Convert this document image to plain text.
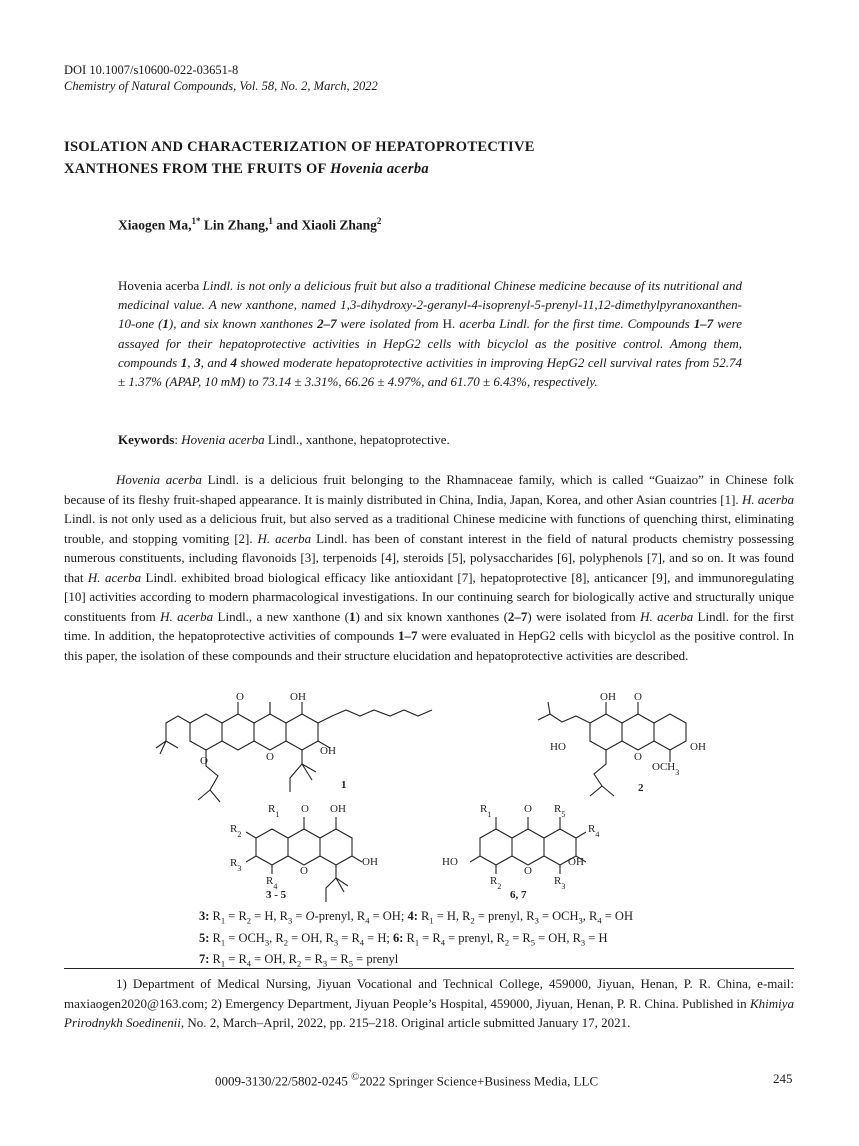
DOI 10.1007/s10600-022-03651-8
Chemistry of Natural Compounds, Vol. 58, No. 2, March, 2022
ISOLATION AND CHARACTERIZATION OF HEPATOPROTECTIVE
XANTHONES FROM THE FRUITS OF Hovenia acerba
Xiaogen Ma,$^{1*}$ Lin Zhang,$^1$ and Xiaoli Zhang$^2$
Hovenia acerba Lindl. is not only a delicious fruit but also a traditional Chinese medicine because of its nutritional and medicinal value. A new xanthone, named 1,3-dihydroxy-2-geranyl-4-isoprenyl-5-prenyl-11,12-dimethylpyranoxanthen-10-one (1), and six known xanthones 2–7 were isolated from H. acerba Lindl. for the first time. Compounds 1–7 were assayed for their hepatoprotective activities in HepG2 cells with bicyclol as the positive control. Among them, compounds 1, 3, and 4 showed moderate hepatoprotective activities in improving HepG2 cell survival rates from 52.74 ± 1.37% (APAP, 10 mM) to 73.14 ± 3.31%, 66.26 ± 4.97%, and 61.70 ± 6.43%, respectively.
Keywords: Hovenia acerba Lindl., xanthone, hepatoprotective.

Hovenia acerba Lindl. is a delicious fruit belonging to the Rhamnaceae family, which is called “Guaizao” in Chinese folk because of its fleshy fruit-shaped appearance. It is mainly distributed in China, India, Japan, Korea, and other Asian countries [1]. H. acerba Lindl. is not only used as a delicious fruit, but also served as a traditional Chinese medicine with functions of quenching thirst, eliminating trouble, and stopping vomiting [2]. H. acerba Lindl. has been of constant interest in the field of natural products chemistry possessing numerous constituents, including flavonoids [3], terpenoids [4], steroids [5], polysaccharides [6], polyphenols [7], and so on. It was found that H. acerba Lindl. exhibited broad biological efficacy like antioxidant [7], hepatoprotective [8], anticancer [9], and immunoregulating [10] activities according to modern pharmacological investigations. In our continuing search for biologically active and structurally unique constituents from H. acerba Lindl., a new xanthone (1) and six known xanthones (2–7) were isolated from H. acerba Lindl. for the first time. In addition, the hepatoprotective activities of compounds 1–7 were evaluated in HepG2 cells with bicyclol as the positive control. In this paper, the isolation of these compounds and their structure elucidation and hepatoprotective activities are described.

O	OH
O	O	OH
1
OH O
HO
O
OH
$OCH_3$
2
$R_1$ O OH
$R_2$
$R_3$	O
OH
$R_4$
3 - 5
$R_1$	O $R_5$
$R_4$
HO
O
OH
$R_2$	$R_3$
6, 7
3: $R_1 = R_2 = H$, $R_3$ = O-prenyl, $R_4$ = OH; 4: $R_1 = H$, $R_2$ = prenyl, $R_3 = OCH_3$, $R_4$ = OH
5: $R_1 = OCH_3$, $R_2$ = OH, $R_3 = R_4 = H$; 6: $R_1 = R_4$ = prenyl, $R_2 = R_5$ = OH, $R_3 = H$
7: $R_1 = R_4$ = OH, $R_2 = R_3 = R_5$ = prenyl

1) Department of Medical Nursing, Jiyuan Vocational and Technical College, 459000, Jiyuan, Henan, P. R. China, e-mail: maxiaogen2020@163.com; 2) Emergency Department, Jiyuan People’s Hospital, 459000, Jiyuan, Henan, P. R. China. Published in Khimiya Prirodnykh Soedinenii, No. 2, March–April, 2022, pp. 215–218. Original article submitted January 17, 2021.

0009-3130/22/5802-0245 ©2022 Springer Science+Business Media, LLC	245
